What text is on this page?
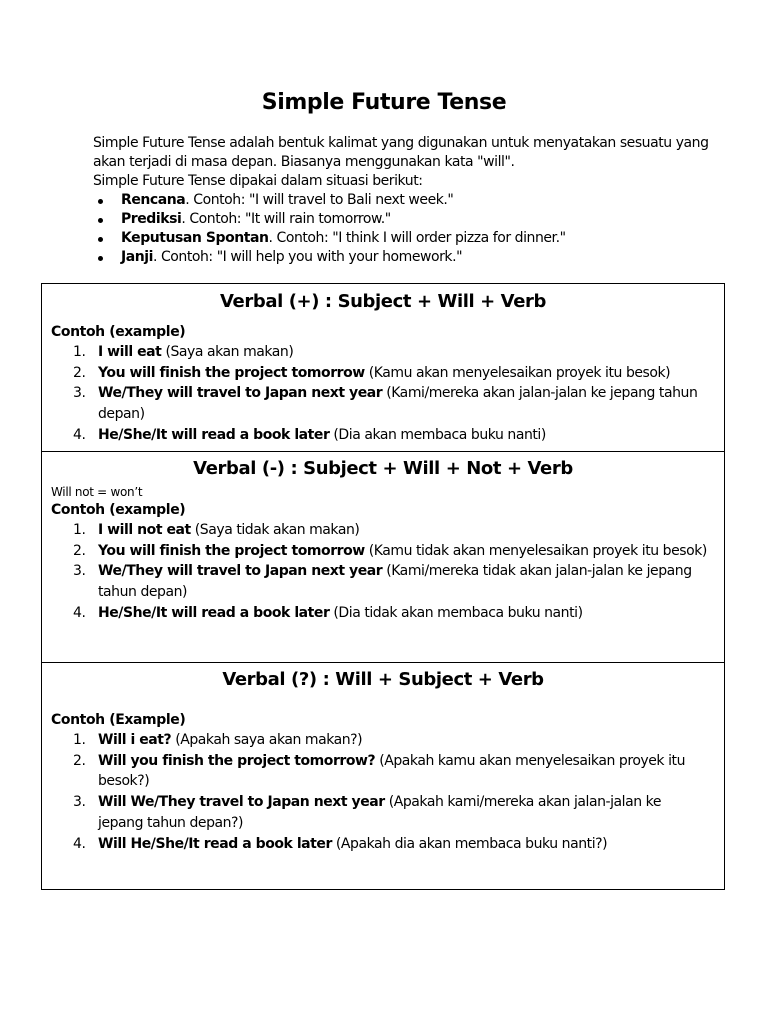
Simple Future Tense

Simple Future Tense adalah bentuk kalimat yang digunakan untuk menyatakan sesuatu yang akan terjadi di masa depan. Biasanya menggunakan kata "will".

Simple Future Tense dipakai dalam situasi berikut:

Rencana. Contoh: "I will travel to Bali next week."
Prediksi. Contoh: "It will rain tomorrow."
Keputusan Spontan. Contoh: "I think I will order pizza for dinner."
Janji. Contoh: "I will help you with your homework."
Verbal (+) : Subject + Will + Verb
Contoh (example)
1. I will eat (Saya akan makan)
2. You will finish the project tomorrow (Kamu akan menyelesaikan proyek itu besok)
3. We/They will travel to Japan next year (Kami/mereka akan jalan-jalan ke jepang tahun depan)
4. He/She/It will read a book later (Dia akan membaca buku nanti)
Verbal (-) : Subject + Will + Not + Verb
Will not = won’t
Contoh (example)
1. I will not eat (Saya tidak akan makan)
2. You will finish the project tomorrow (Kamu tidak akan menyelesaikan proyek itu besok)
3. We/They will travel to Japan next year (Kami/mereka tidak akan jalan-jalan ke jepang tahun depan)
4. He/She/It will read a book later (Dia tidak akan membaca buku nanti)
Verbal (?) : Will + Subject + Verb
Contoh (Example)
1. Will i eat? (Apakah saya akan makan?)
2. Will you finish the project tomorrow? (Apakah kamu akan menyelesaikan proyek itu besok?)
3. Will We/They travel to Japan next year (Apakah kami/mereka akan jalan-jalan ke jepang tahun depan?)
4. Will He/She/It read a book later (Apakah dia akan membaca buku nanti?)
